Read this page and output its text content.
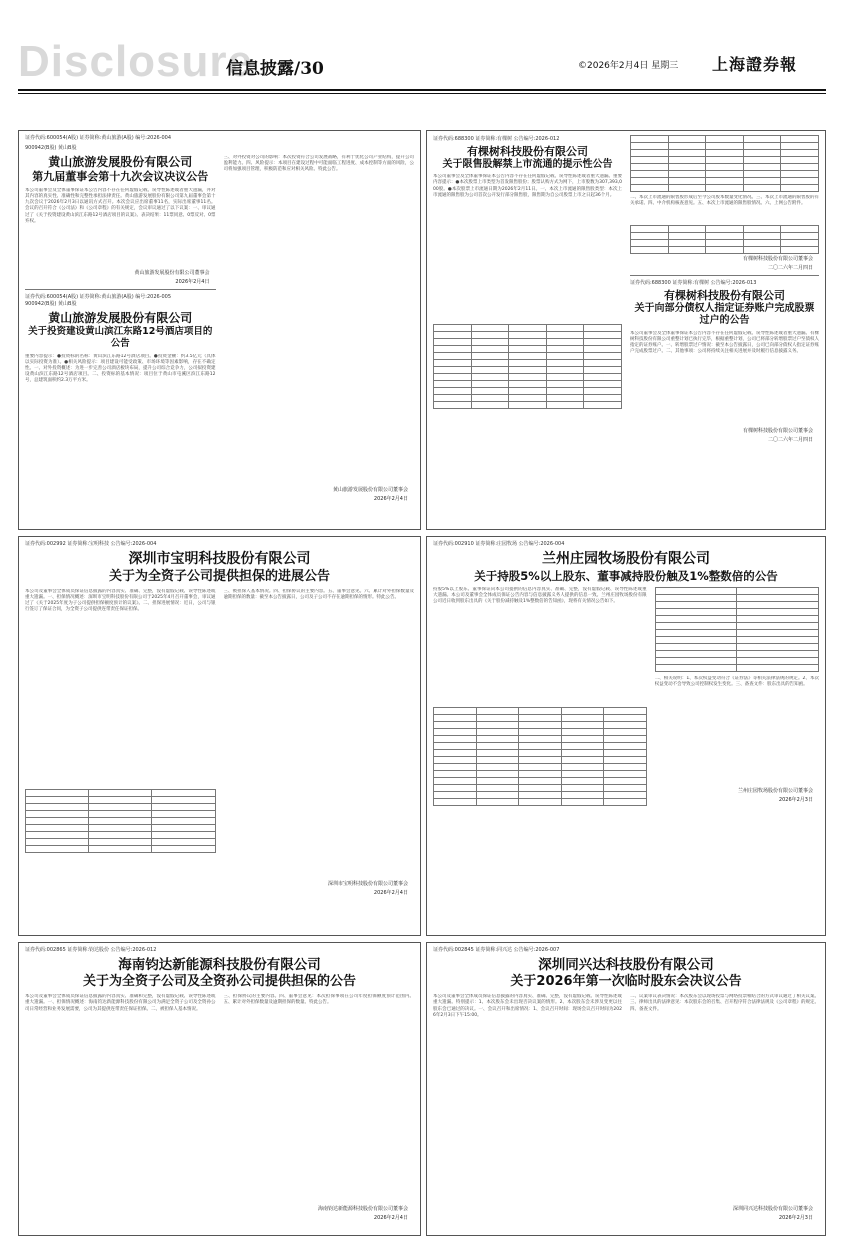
Disclosure
信息披露/30	©2026年2月4日 星期三 上海證券報
证券代码:600054(A股) 证券简称:黄山旅游(A股) 编号:2026-004
900942(B股) 黄山B股
黄山旅游发展股份有限公司
第九届董事会第十九次会议决议公告
本公司董事会及全体董事保证本公告内容不存在任何虚假记载、误导性陈述或者重大遗漏，并对其内容的真实性、准确性和完整性承担法律责任。黄山旅游发展股份有限公司第九届董事会第十九次会议于2026年2月3日以通讯方式召开。本次会议应出席董事11名，实际出席董事11名。会议的召开符合《公司法》和《公司章程》的有关规定，会议审议通过了以下议案：一、审议通过了《关于投资建设黄山滨江东路12号酒店项目的议案》。表决结果：11票同意、0票反对、0票弃权。
黄山旅游发展股份有限公司董事会
2026年2月4日
证券代码:600054(A股) 证券简称:黄山旅游(A股) 编号:2026-005
900942(B股) 黄山B股
黄山旅游发展股份有限公司
关于投资建设黄山滨江东路12号酒店项目的公告
重要内容提示：●投资标的名称：黄山滨江东路12号酒店项目。●投资金额：约3.5亿元（具体以实际投资为准）。●相关风险提示：项目建设可能受政策、市场环境等因素影响，存在不确定性。一、对外投资概述：为进一步完善公司酒店板块布局，提升公司综合竞争力，公司拟投资建设黄山滨江东路12号酒店项目。二、投资标的基本情况：项目位于黄山市屯溪区滨江东路12号，总建筑面积约2.3万平方米。
三、对外投资对公司的影响：本次投资符合公司发展战略，有利于优化公司产业结构，提升公司盈利能力。四、风险提示：本项目在建设过程中可能面临工程进度、成本控制等方面的风险，公司将加强项目管理，积极防范和应对相关风险。特此公告。
黄山旅游发展股份有限公司董事会
2026年2月4日
证券代码:688300 证券简称:有棵树 公告编号:2026-012
有棵树科技股份有限公司
关于限售股解禁上市流通的提示性公告
本公司董事会及全体董事保证本公告内容不存在任何虚假记载、误导性陈述或者重大遗漏。重要内容提示：●本次股票上市类型为首发限售股份；股票认购方式为网下，上市股数为307,393,000股。●本次股票上市流通日期为2026年2月11日。一、本次上市流通的限售股类型：本次上市流通的限售股为公司首次公开发行部分限售股，限售期为自公司股票上市之日起36个月。

					二、本次上市流通的限售股形成后至今公司股本数量变化情况。三、本次上市流通的限售股的有关承诺。四、中介机构核查意见。五、本次上市流通的限售股情况。六、上网公告附件。

有棵树科技股份有限公司董事会
二〇二六年二月四日
证券代码:688300 证券简称:有棵树 公告编号:2026-013
有棵树科技股份有限公司
关于向部分债权人指定证券账户完成股票过户的公告
本公司董事会及全体董事保证本公告内容不存在任何虚假记载、误导性陈述或者重大遗漏。有棵树科技股份有限公司重整计划已执行完毕，根据重整计划，公司已将部分转增股票过户至债权人指定的证券账户。一、转增股票过户情况：截至本公告披露日，公司已向部分债权人指定证券账户完成股票过户。二、其他事项：公司将持续关注相关进展并及时履行信息披露义务。
有棵树科技股份有限公司董事会
二〇二六年二月四日
证券代码:002992 证券简称:宝明科技 公告编号:2026-004
深圳市宝明科技股份有限公司
关于为全资子公司提供担保的进展公告
本公司及董事会全体成员保证信息披露的内容真实、准确、完整，没有虚假记载、误导性陈述或重大遗漏。一、担保情况概述：深圳市宝明科技股份有限公司于2025年4月召开董事会，审议通过了《关于2025年度为子公司提供担保额度预计的议案》。二、担保进展情况：近日，公司与银行签订了保证合同，为全资子公司提供连带责任保证担保。

三、被担保人基本情况。四、担保协议的主要内容。五、董事会意见。六、累计对外担保数量及逾期担保的数量：截至本公告披露日，公司及子公司不存在逾期担保的情形。特此公告。
深圳市宝明科技股份有限公司董事会
2026年2月4日
证券代码:002910 证券简称:庄园牧场 公告编号:2026-004
兰州庄园牧场股份有限公司
关于持股5%以上股东、董事减持股份触及1%整数倍的公告
持股5%以上股东、董事保证向本公司提供的信息内容真实、准确、完整，没有虚假记载、误导性陈述或重大遗漏。本公司及董事会全体成员保证公告内容与信息披露义务人提供的信息一致。兰州庄园牧场股份有限公司近日收到股东出具的《关于股份减持触及1%整数倍的告知函》，现将有关情况公告如下。

二、相关说明：1、本次权益变动符合《证券法》等相关法律法规的规定。2、本次权益变动不会导致公司控制权发生变化。三、备查文件：股东出具的告知函。
兰州庄园牧场股份有限公司董事会
2026年2月3日
证券代码:002865 证券简称:钧达股份 公告编号:2026-012
海南钧达新能源科技股份有限公司
关于为全资子公司及全资孙公司提供担保的公告
本公司及董事会全体成员保证信息披露的内容真实、准确和完整，没有虚假记载、误导性陈述或重大遗漏。一、担保情况概述：海南钧达新能源科技股份有限公司为满足全资子公司及全资孙公司日常经营和业务发展需要，公司为其提供连带责任保证担保。二、被担保人基本情况。
三、担保协议的主要内容。四、董事会意见：本次担保事项在公司年度担保额度预计范围内。五、累计对外担保数量及逾期担保的数量。特此公告。
海南钧达新能源科技股份有限公司董事会
2026年2月4日
证券代码:002845 证券简称:同兴达 公告编号:2026-007
深圳同兴达科技股份有限公司
关于2026年第一次临时股东会决议公告
本公司及董事会全体成员保证信息披露的内容真实、准确、完整，没有虚假记载、误导性陈述或重大遗漏。特别提示：1、本次股东会未出现否决议案的情形。2、本次股东会未涉及变更以往股东会已通过的决议。一、会议召开和出席情况：1、会议召开时间：现场会议召开时间为2026年2月3日下午15:00。
二、议案审议表决情况：本次股东会以现场投票与网络投票相结合的方式审议通过了相关议案。三、律师出具的法律意见：本次股东会的召集、召开程序符合法律法规及《公司章程》的规定。四、备查文件。
深圳同兴达科技股份有限公司董事会
2026年2月3日
